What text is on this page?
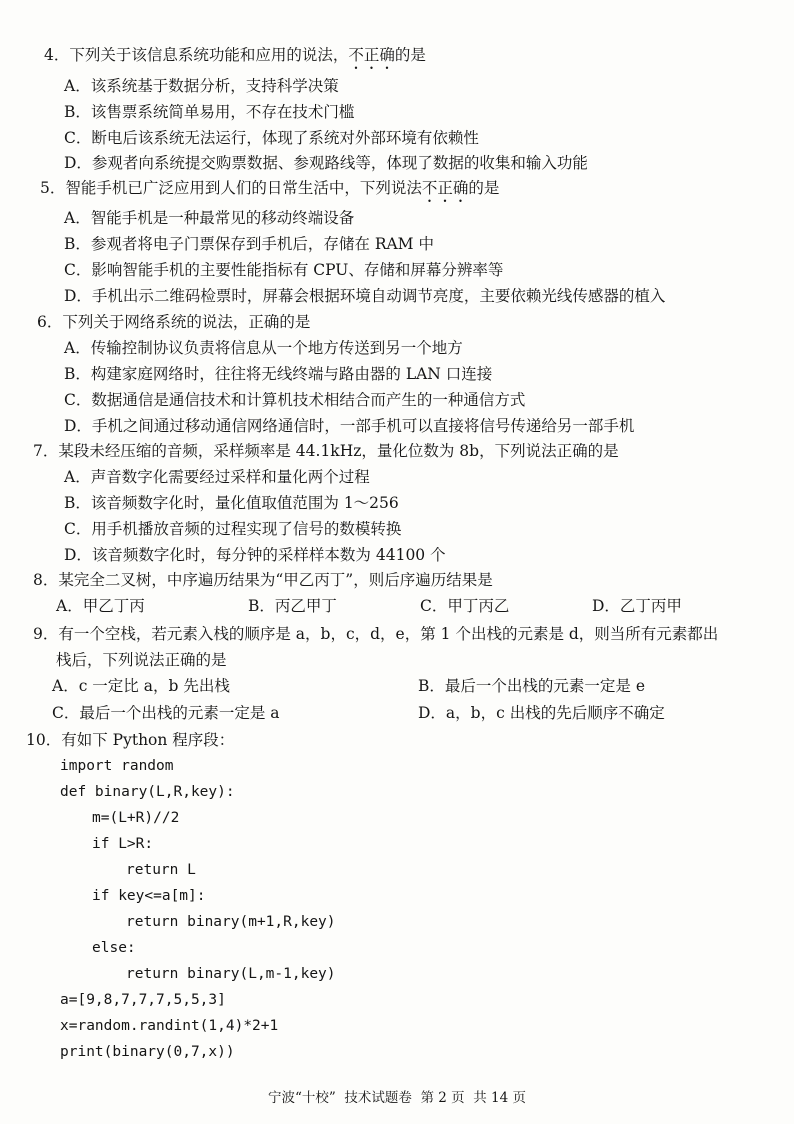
4．下列关于该信息系统功能和应用的说法，不正确的是
A．该系统基于数据分析，支持科学决策
B．该售票系统简单易用，不存在技术门槛
C．断电后该系统无法运行，体现了系统对外部环境有依赖性
D．参观者向系统提交购票数据、参观路线等，体现了数据的收集和输入功能
5．智能手机已广泛应用到人们的日常生活中，下列说法不正确的是
A．智能手机是一种最常见的移动终端设备
B．参观者将电子门票保存到手机后，存储在 RAM 中
C．影响智能手机的主要性能指标有 CPU、存储和屏幕分辨率等
D．手机出示二维码检票时，屏幕会根据环境自动调节亮度，主要依赖光线传感器的植入
6．下列关于网络系统的说法，正确的是
A．传输控制协议负责将信息从一个地方传送到另一个地方
B．构建家庭网络时，往往将无线终端与路由器的 LAN 口连接
C．数据通信是通信技术和计算机技术相结合而产生的一种通信方式
D．手机之间通过移动通信网络通信时，一部手机可以直接将信号传递给另一部手机
7．某段未经压缩的音频，采样频率是 44.1kHz，量化位数为 8b，下列说法正确的是
A．声音数字化需要经过采样和量化两个过程
B．该音频数字化时，量化值取值范围为 1～256
C．用手机播放音频的过程实现了信号的数模转换
D．该音频数字化时，每分钟的采样样本数为 44100 个
8．某完全二叉树，中序遍历结果为“甲乙丙丁”，则后序遍历结果是
A．甲乙丁丙	B．丙乙甲丁	C．甲丁丙乙	D．乙丁丙甲
9．有一个空栈，若元素入栈的顺序是 a，b，c，d，e，第 1 个出栈的元素是 d，则当所有元素都出
栈后，下列说法正确的是
A．c 一定比 a，b 先出栈	B．最后一个出栈的元素一定是 e
C．最后一个出栈的元素一定是 a	D．a，b，c 出栈的先后顺序不确定
10．有如下 Python 程序段：
import random
def binary(L,R,key):
m=(L+R)//2
if L>R:
return L
if key<=a[m]:
return binary(m+1,R,key)
else:
return binary(L,m-1,key)
a=[9,8,7,7,7,5,5,3]
x=random.randint(1,4)*2+1
print(binary(0,7,x))
宁波“十校”  技术试题卷  第 2 页  共 14 页
